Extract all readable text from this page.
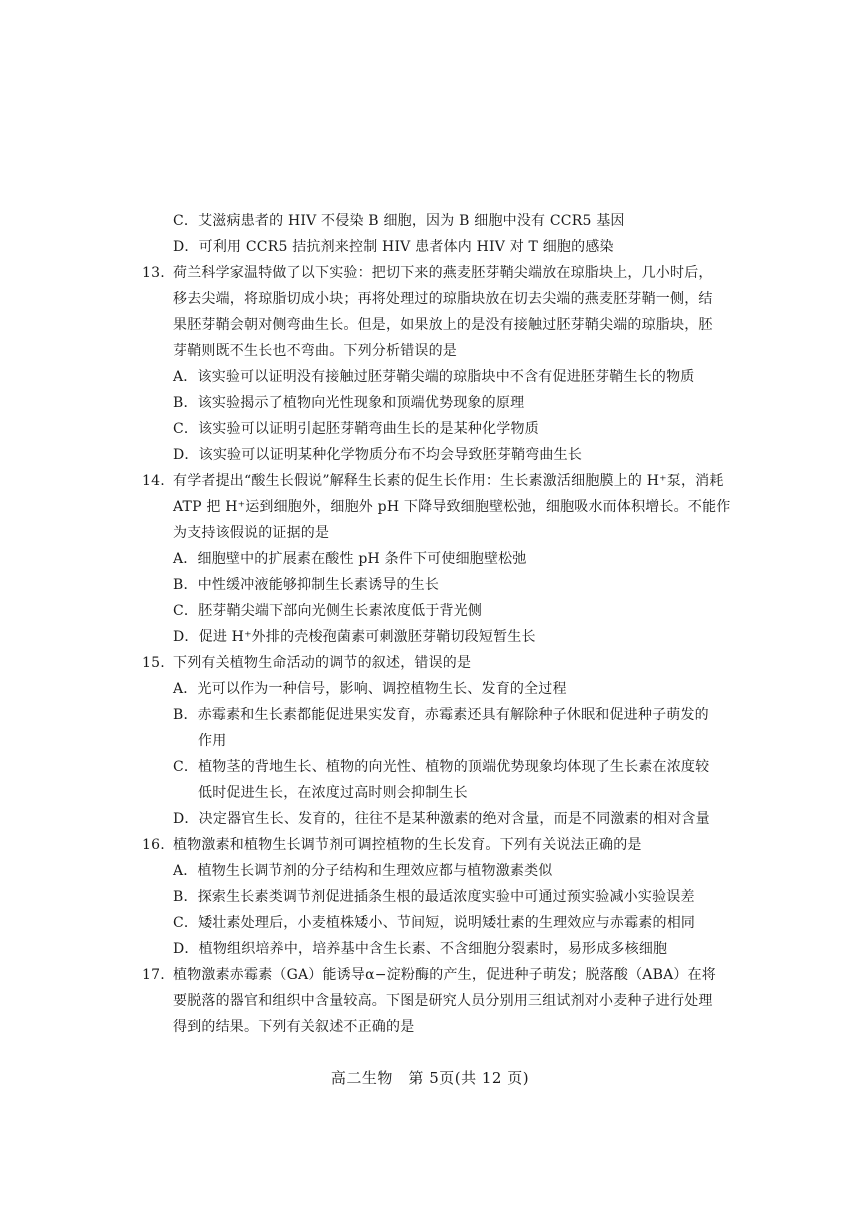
C．艾滋病患者的 HIV 不侵染 B 细胞，因为 B 细胞中没有 CCR5 基因
D．可利用 CCR5 拮抗剂来控制 HIV 患者体内 HIV 对 T 细胞的感染
13. 荷兰科学家温特做了以下实验：把切下来的燕麦胚芽鞘尖端放在琼脂块上，几小时后，
移去尖端，将琼脂切成小块；再将处理过的琼脂块放在切去尖端的燕麦胚芽鞘一侧，结
果胚芽鞘会朝对侧弯曲生长。但是，如果放上的是没有接触过胚芽鞘尖端的琼脂块，胚
芽鞘则既不生长也不弯曲。下列分析错误的是
A．该实验可以证明没有接触过胚芽鞘尖端的琼脂块中不含有促进胚芽鞘生长的物质
B．该实验揭示了植物向光性现象和顶端优势现象的原理
C．该实验可以证明引起胚芽鞘弯曲生长的是某种化学物质
D．该实验可以证明某种化学物质分布不均会导致胚芽鞘弯曲生长
14. 有学者提出“酸生长假说”解释生长素的促生长作用：生长素激活细胞膜上的 H⁺泵，消耗
ATP 把 H⁺运到细胞外，细胞外 pH 下降导致细胞壁松弛，细胞吸水而体积增长。不能作
为支持该假说的证据的是
A．细胞壁中的扩展素在酸性 pH 条件下可使细胞壁松弛
B．中性缓冲液能够抑制生长素诱导的生长
C．胚芽鞘尖端下部向光侧生长素浓度低于背光侧
D．促进 H⁺外排的壳梭孢菌素可刺激胚芽鞘切段短暂生长
15. 下列有关植物生命活动的调节的叙述，错误的是
A．光可以作为一种信号，影响、调控植物生长、发育的全过程
B．赤霉素和生长素都能促进果实发育，赤霉素还具有解除种子休眠和促进种子萌发的
作用
C．植物茎的背地生长、植物的向光性、植物的顶端优势现象均体现了生长素在浓度较
低时促进生长，在浓度过高时则会抑制生长
D．决定器官生长、发育的，往往不是某种激素的绝对含量，而是不同激素的相对含量
16. 植物激素和植物生长调节剂可调控植物的生长发育。下列有关说法正确的是
A．植物生长调节剂的分子结构和生理效应都与植物激素类似
B．探索生长素类调节剂促进插条生根的最适浓度实验中可通过预实验减小实验误差
C．矮壮素处理后，小麦植株矮小、节间短，说明矮壮素的生理效应与赤霉素的相同
D．植物组织培养中，培养基中含生长素、不含细胞分裂素时，易形成多核细胞
17. 植物激素赤霉素（GA）能诱导α−淀粉酶的产生，促进种子萌发；脱落酸（ABA）在将
要脱落的器官和组织中含量较高。下图是研究人员分别用三组试剂对小麦种子进行处理
得到的结果。下列有关叙述不正确的是
高二生物　第 5页(共 12 页)
